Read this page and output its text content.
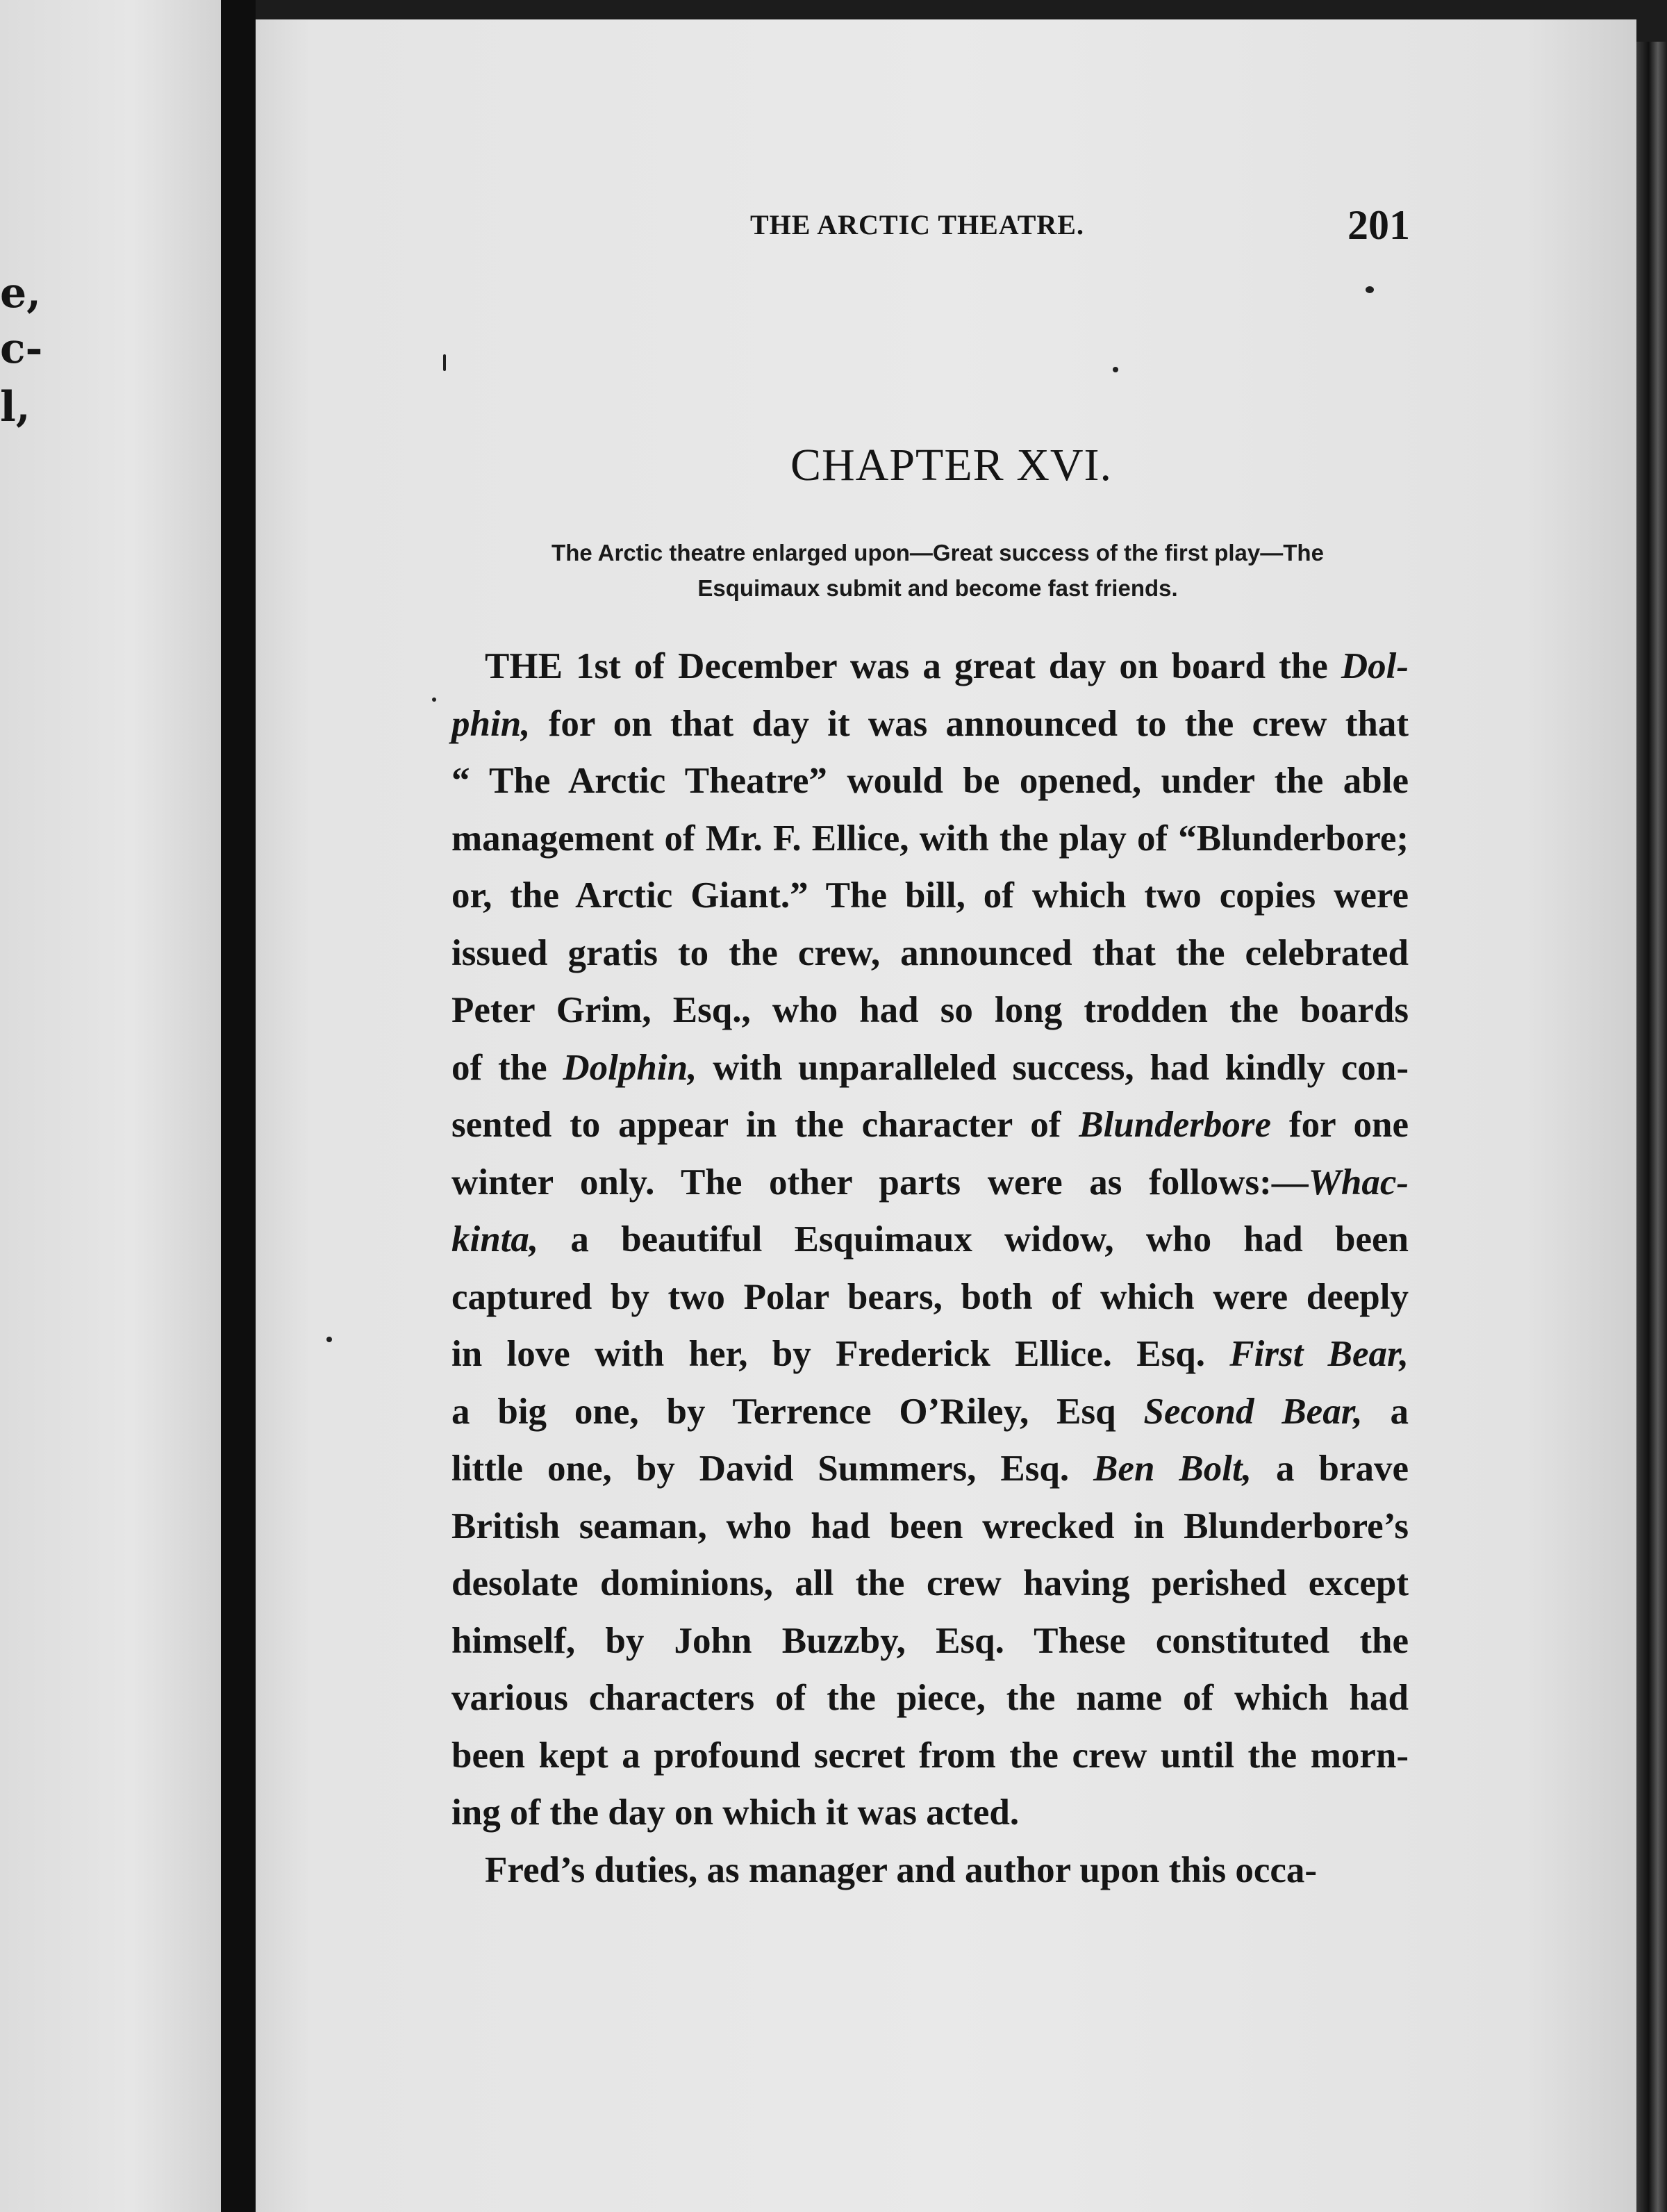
e,
c-
l,
THE ARCTIC THEATRE.	201
CHAPTER XVI.
The Arctic theatre enlarged upon—Great success of the first play—The
Esquimaux submit and become fast friends.
THE 1st of December was a great day on board the Dol-
phin, for on that day it was announced to the crew that
“ The Arctic Theatre” would be opened, under the able
management of Mr. F. Ellice, with the play of “Blunderbore;
or, the Arctic Giant.” The bill, of which two copies were
issued gratis to the crew, announced that the celebrated
Peter Grim, Esq., who had so long trodden the boards
of the Dolphin, with unparalleled success, had kindly con-
sented to appear in the character of Blunderbore for one
winter only. The other parts were as follows:—Whac-
kinta, a beautiful Esquimaux widow, who had been
captured by two Polar bears, both of which were deeply
in love with her, by Frederick Ellice. Esq. First Bear,
a big one, by Terrence O’Riley, Esq Second Bear, a
little one, by David Summers, Esq. Ben Bolt, a brave
British seaman, who had been wrecked in Blunderbore’s
desolate dominions, all the crew having perished except
himself, by John Buzzby, Esq. These constituted the
various characters of the piece, the name of which had
been kept a profound secret from the crew until the morn-
ing of the day on which it was acted.
Fred’s duties, as manager and author upon this occa-
